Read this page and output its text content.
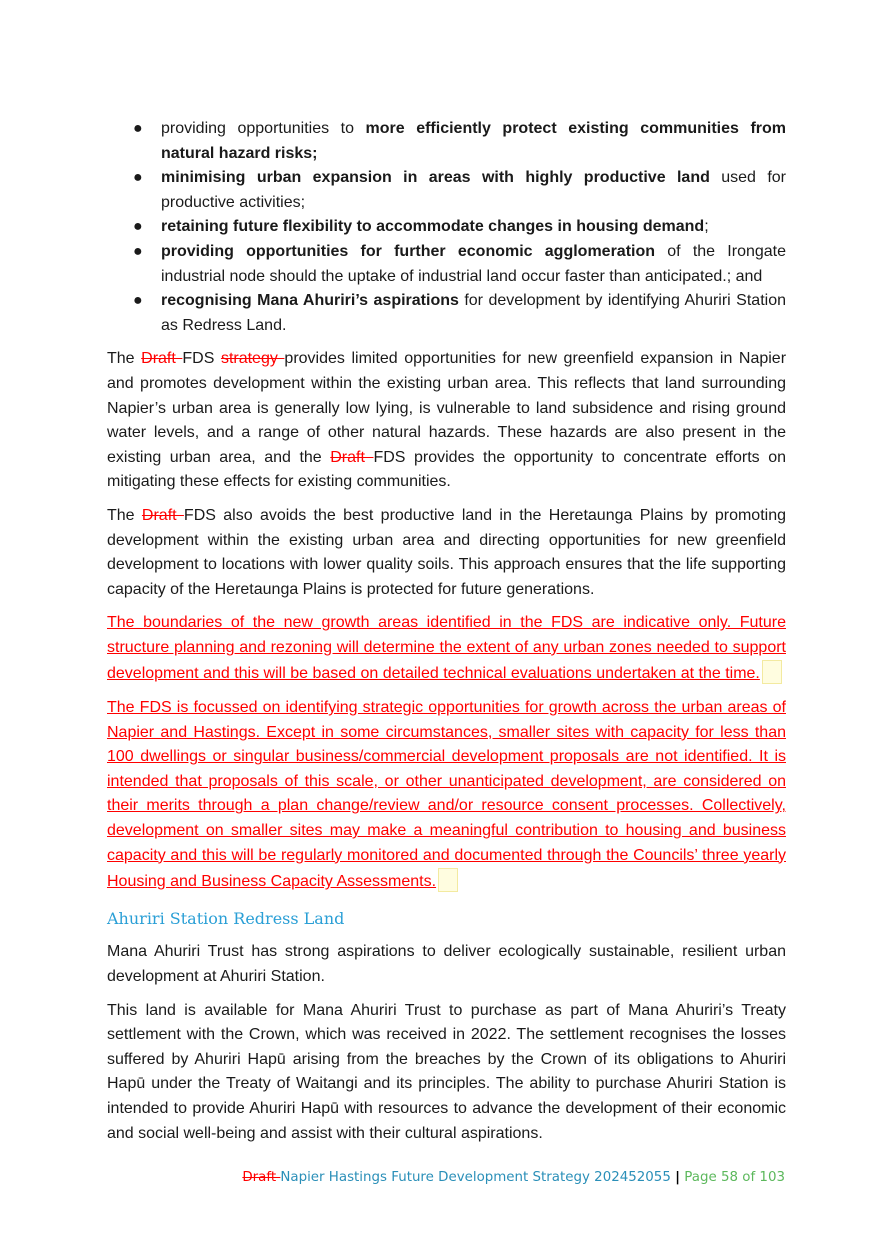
● providing opportunities to more efficiently protect existing communities from natural hazard risks;
● minimising urban expansion in areas with highly productive land used for productive activities;
● retaining future flexibility to accommodate changes in housing demand;
● providing opportunities for further economic agglomeration of the Irongate industrial node should the uptake of industrial land occur faster than anticipated.; and
● recognising Mana Ahuriri’s aspirations for development by identifying Ahuriri Station as Redress Land.

The Draft FDS strategy provides limited opportunities for new greenfield expansion in Napier and promotes development within the existing urban area. This reflects that land surrounding Napier’s urban area is generally low lying, is vulnerable to land subsidence and rising ground water levels, and a range of other natural hazards. These hazards are also present in the existing urban area, and the Draft FDS provides the opportunity to concentrate efforts on mitigating these effects for existing communities.

The Draft FDS also avoids the best productive land in the Heretaunga Plains by promoting development within the existing urban area and directing opportunities for new greenfield development to locations with lower quality soils. This approach ensures that the life supporting capacity of the Heretaunga Plains is protected for future generations.

The boundaries of the new growth areas identified in the FDS are indicative only. Future structure planning and rezoning will determine the extent of any urban zones needed to support development and this will be based on detailed technical evaluations undertaken at the time.

The FDS is focussed on identifying strategic opportunities for growth across the urban areas of Napier and Hastings. Except in some circumstances, smaller sites with capacity for less than 100 dwellings or singular business/commercial development proposals are not identified. It is intended that proposals of this scale, or other unanticipated development, are considered on their merits through a plan change/review and/or resource consent processes. Collectively, development on smaller sites may make a meaningful contribution to housing and business capacity and this will be regularly monitored and documented through the Councils’ three yearly Housing and Business Capacity Assessments.

Ahuriri Station Redress Land

Mana Ahuriri Trust has strong aspirations to deliver ecologically sustainable, resilient urban development at Ahuriri Station.

This land is available for Mana Ahuriri Trust to purchase as part of Mana Ahuriri’s Treaty settlement with the Crown, which was received in 2022. The settlement recognises the losses suffered by Ahuriri Hapū arising from the breaches by the Crown of its obligations to Ahuriri Hapū under the Treaty of Waitangi and its principles. The ability to purchase Ahuriri Station is intended to provide Ahuriri Hapū with resources to advance the development of their economic and social well-being and assist with their cultural aspirations.

Draft Napier Hastings Future Development Strategy 202452055 | Page 58 of 103
